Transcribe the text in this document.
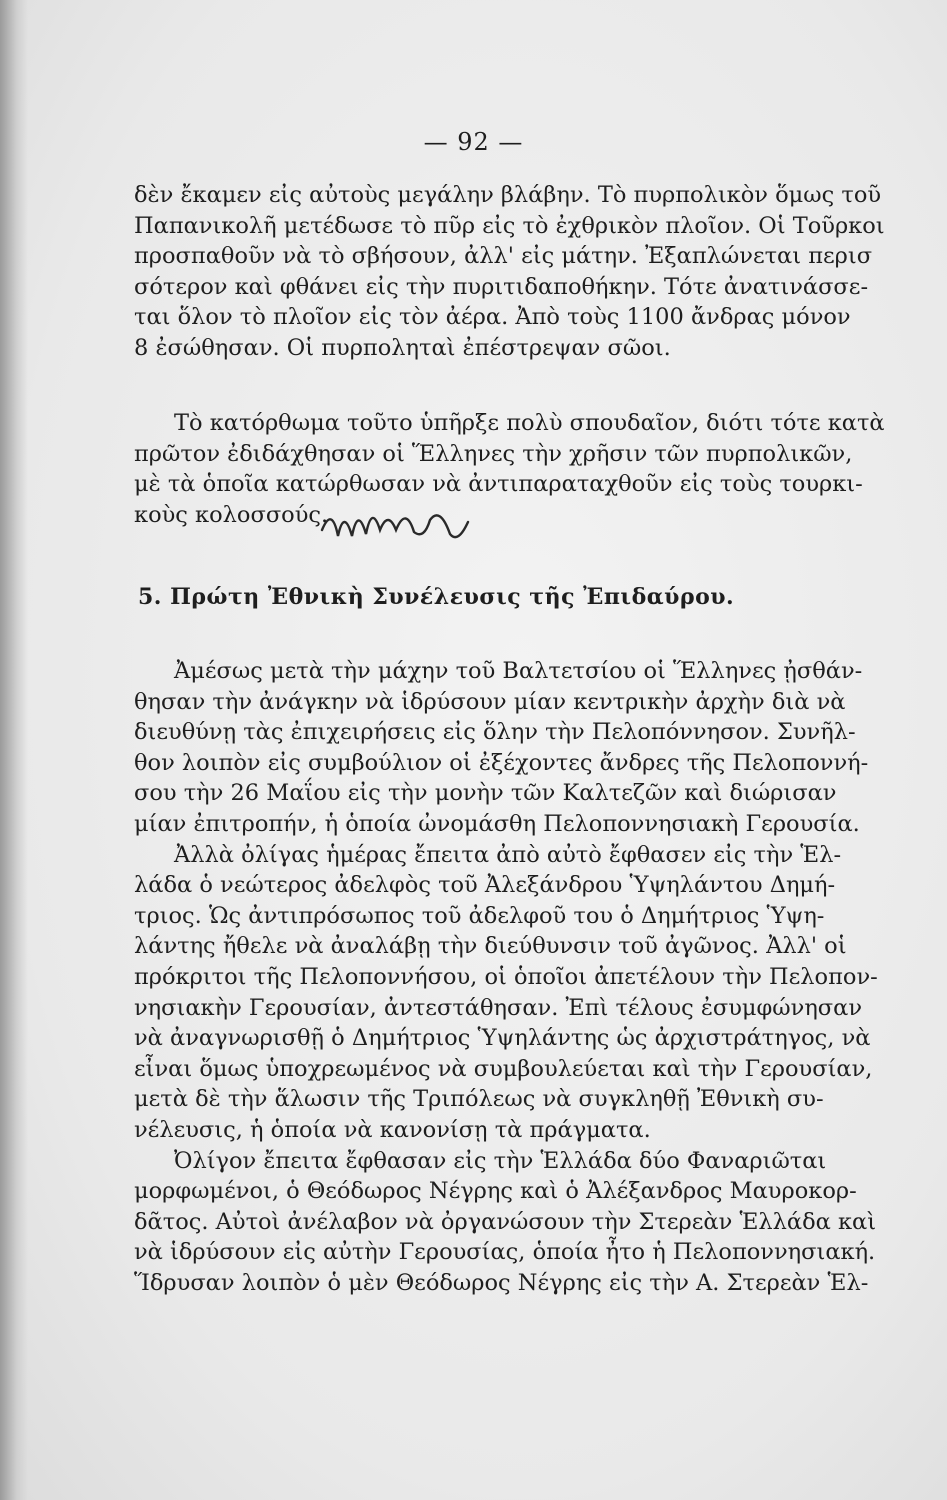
— 92 —
δὲν ἔκαμεν εἰς αὐτοὺς μεγάλην βλάβην. Τὸ πυρπολικὸν ὅμως τοῦ
Παπανικολῆ μετέδωσε τὸ πῦρ εἰς τὸ ἐχθρικὸν πλοῖον. Οἱ Τοῦρκοι
προσπαθοῦν νὰ τὸ σβήσουν, ἀλλ' εἰς μάτην. Ἐξαπλώνεται περισ
σότερον καὶ φθάνει εἰς τὴν πυριτιδαποθήκην. Τότε ἀνατινάσσε-
ται ὅλον τὸ πλοῖον εἰς τὸν ἀέρα. Ἀπὸ τοὺς 1100 ἄνδρας μόνον
8 ἐσώθησαν. Οἱ πυρποληταὶ ἐπέστρεψαν σῶοι.
Τὸ κατόρθωμα τοῦτο ὑπῆρξε πολὺ σπουδαῖον, διότι τότε κατὰ
πρῶτον ἐδιδάχθησαν οἱ Ἕλληνες τὴν χρῆσιν τῶν πυρπολικῶν,
μὲ τὰ ὁποῖα κατώρθωσαν νὰ ἀντιπαραταχθοῦν εἰς τοὺς τουρκι-
κοὺς κολοσσούς.
5. Πρώτη Ἐθνικὴ Συνέλευσις τῆς Ἐπιδαύρου.
Ἀμέσως μετὰ τὴν μάχην τοῦ Βαλτετσίου οἱ Ἕλληνες ᾐσθάν-
θησαν τὴν ἀνάγκην νὰ ἱδρύσουν μίαν κεντρικὴν ἀρχὴν διὰ νὰ
διευθύνῃ τὰς ἐπιχειρήσεις εἰς ὅλην τὴν Πελοπόννησον. Συνῆλ-
θον λοιπὸν εἰς συμβούλιον οἱ ἐξέχοντες ἄνδρες τῆς Πελοποννή-
σου τὴν 26 Μαΐου εἰς τὴν μονὴν τῶν Καλτεζῶν καὶ διώρισαν
μίαν ἐπιτροπήν, ἡ ὁποία ὠνομάσθη Πελοποννησιακὴ Γερουσία.
Ἀλλὰ ὀλίγας ἡμέρας ἔπειτα ἀπὸ αὐτὸ ἔφθασεν εἰς τὴν Ἑλ-
λάδα ὁ νεώτερος ἀδελφὸς τοῦ Ἀλεξάνδρου Ὑψηλάντου Δημή-
τριος. Ὡς ἀντιπρόσωπος τοῦ ἀδελφοῦ του ὁ Δημήτριος Ὑψη-
λάντης ἤθελε νὰ ἀναλάβῃ τὴν διεύθυνσιν τοῦ ἀγῶνος. Ἀλλ' οἱ
πρόκριτοι τῆς Πελοποννήσου, οἱ ὁποῖοι ἀπετέλουν τὴν Πελοπον-
νησιακὴν Γερουσίαν, ἀντεστάθησαν. Ἐπὶ τέλους ἐσυμφώνησαν
νὰ ἀναγνωρισθῇ ὁ Δημήτριος Ὑψηλάντης ὡς ἀρχιστράτηγος, νὰ
εἶναι ὅμως ὑποχρεωμένος νὰ συμβουλεύεται καὶ τὴν Γερουσίαν,
μετὰ δὲ τὴν ἅλωσιν τῆς Τριπόλεως νὰ συγκληθῇ Ἐθνικὴ συ-
νέλευσις, ἡ ὁποία νὰ κανονίσῃ τὰ πράγματα.
Ὀλίγον ἔπειτα ἔφθασαν εἰς τὴν Ἑλλάδα δύο Φαναριῶται
μορφωμένοι, ὁ Θεόδωρος Νέγρης καὶ ὁ Ἀλέξανδρος Μαυροκορ-
δᾶτος. Αὐτοὶ ἀνέλαβον νὰ ὀργανώσουν τὴν Στερεὰν Ἑλλάδα καὶ
νὰ ἱδρύσουν εἰς αὐτὴν Γερουσίας, ὁποία ἦτο ἡ Πελοποννησιακή.
Ἵδρυσαν λοιπὸν ὁ μὲν Θεόδωρος Νέγρης εἰς τὴν Α. Στερεὰν Ἑλ-
